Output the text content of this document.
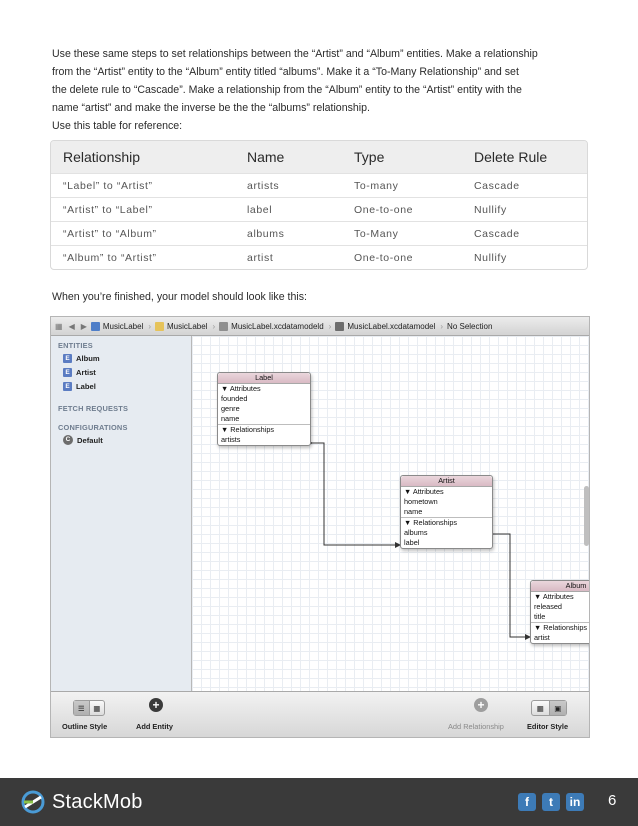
Use these same steps to set relationships between the “Artist” and “Album” entities. Make a relationship

from the “Artist” entity to the “Album” entity titled “albums”. Make it a “To-Many Relationship” and set

the delete rule to “Cascade”. Make a relationship from the “Album” entity to the “Artist” entity with the

name “artist” and make the inverse be the the “albums” relationship.

Use this table for reference:

Relationship	Name	Type	Delete Rule
“Label” to “Artist”	artists	To-many	Cascade
“Artist” to “Label”	label	One-to-one	Nullify
“Artist” to “Album”	albums	To-Many	Cascade
“Album” to “Artist”	artist	One-to-one	Nullify
When you’re finished, your model should look like this:
▦ ◀ ▶ MusicLabel › MusicLabel › MusicLabel.xcdatamodeld › MusicLabel.xcdatamodel › No Selection
ENTITIES
E Album
E Artist
E Label
FETCH REQUESTS
CONFIGURATIONS
C Default
Label
▼ Attributes
founded
genre
name
▼ Relationships
artists
Artist
▼ Attributes
hometown
name
▼ Relationships
albums
label
Album
▼ Attributes
released
title
▼ Relationships
artist
☰	▦
Outline Style
+
Add Entity
+
Add Relationship
▦	▣
Editor Style
StackMob	f	t	in 6
